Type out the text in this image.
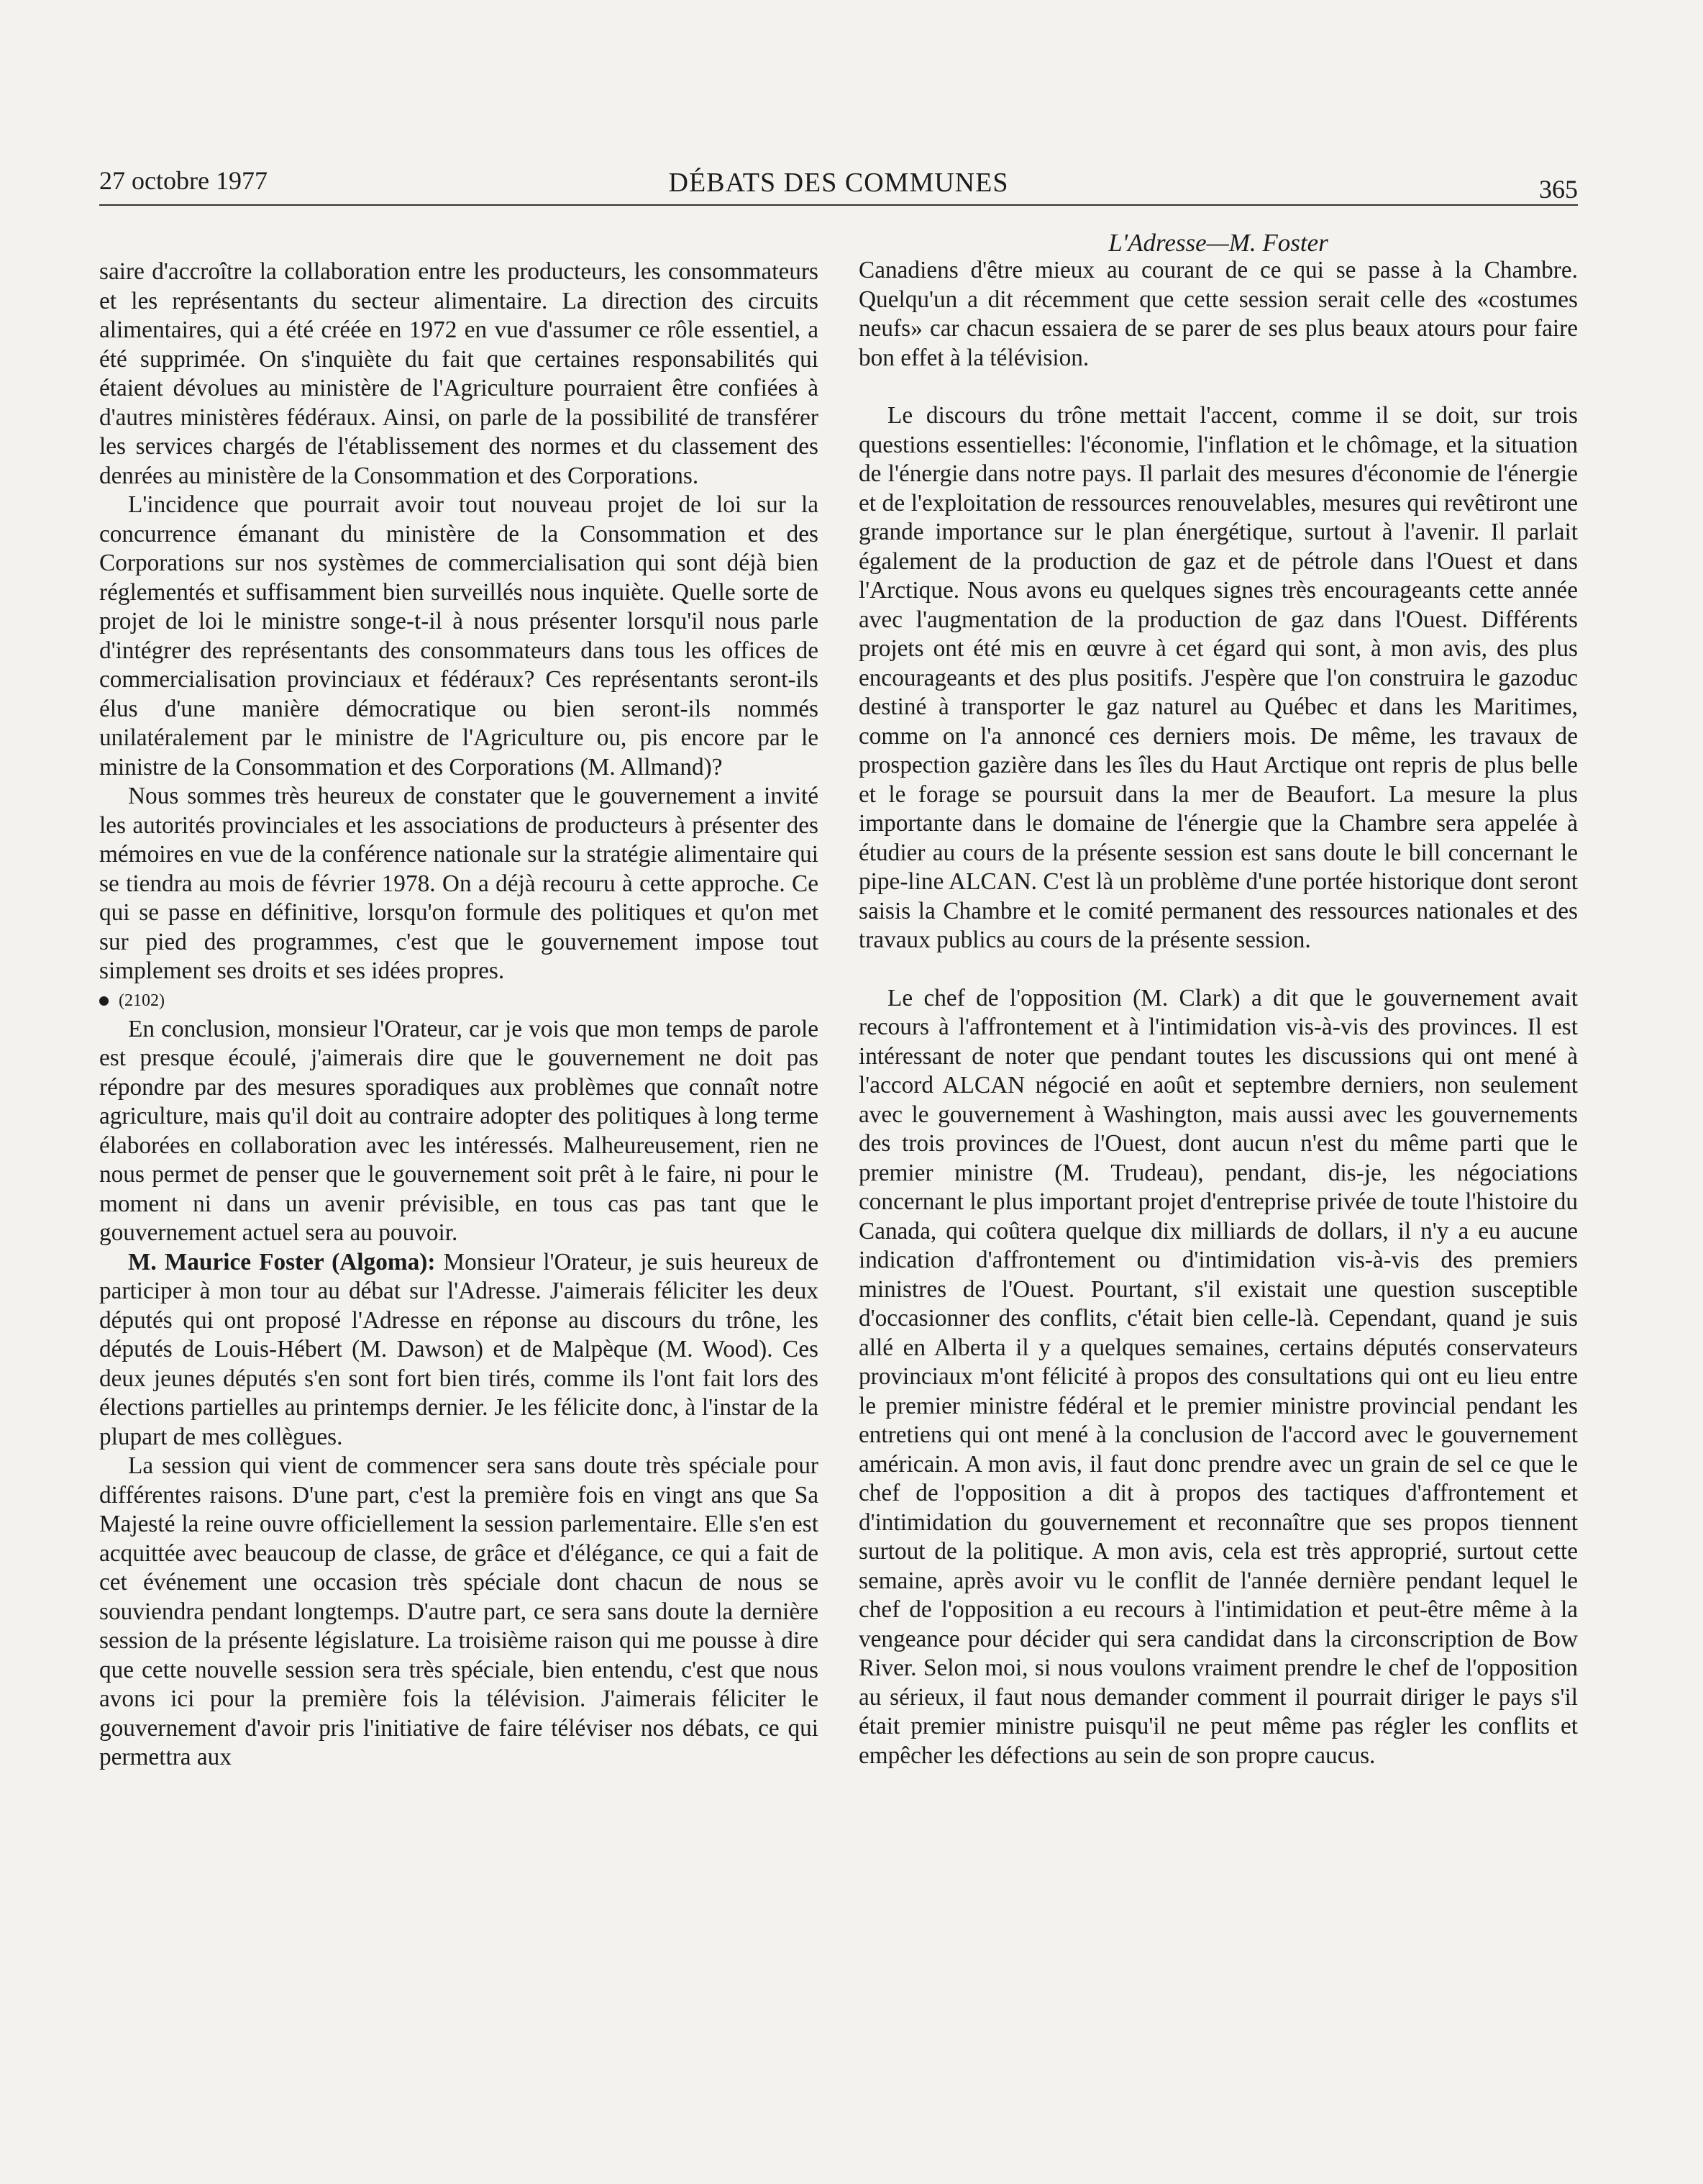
27 octobre 1977	DÉBATS DES COMMUNES	365
L'Adresse—M. Foster

saire d'accroître la collaboration entre les producteurs, les consommateurs et les représentants du secteur alimentaire. La direction des circuits alimentaires, qui a été créée en 1972 en vue d'assumer ce rôle essentiel, a été supprimée. On s'inquiète du fait que certaines responsabilités qui étaient dévolues au ministère de l'Agriculture pourraient être confiées à d'autres ministères fédéraux. Ainsi, on parle de la possibilité de transférer les services chargés de l'établissement des normes et du classement des denrées au ministère de la Consommation et des Corporations.

L'incidence que pourrait avoir tout nouveau projet de loi sur la concurrence émanant du ministère de la Consommation et des Corporations sur nos systèmes de commercialisation qui sont déjà bien réglementés et suffisamment bien surveillés nous inquiète. Quelle sorte de projet de loi le ministre songe-t-il à nous présenter lorsqu'il nous parle d'intégrer des représentants des consommateurs dans tous les offices de commercialisation provinciaux et fédéraux? Ces représentants seront-ils élus d'une manière démocratique ou bien seront-ils nommés unilatéralement par le ministre de l'Agriculture ou, pis encore par le ministre de la Consommation et des Corporations (M. Allmand)?

Nous sommes très heureux de constater que le gouvernement a invité les autorités provinciales et les associations de producteurs à présenter des mémoires en vue de la conférence nationale sur la stratégie alimentaire qui se tiendra au mois de février 1978. On a déjà recouru à cette approche. Ce qui se passe en définitive, lorsqu'on formule des politiques et qu'on met sur pied des programmes, c'est que le gouvernement impose tout simplement ses droits et ses idées propres.

(2102)

En conclusion, monsieur l'Orateur, car je vois que mon temps de parole est presque écoulé, j'aimerais dire que le gouvernement ne doit pas répondre par des mesures sporadiques aux problèmes que connaît notre agriculture, mais qu'il doit au contraire adopter des politiques à long terme élaborées en collaboration avec les intéressés. Malheureusement, rien ne nous permet de penser que le gouvernement soit prêt à le faire, ni pour le moment ni dans un avenir prévisible, en tous cas pas tant que le gouvernement actuel sera au pouvoir.

M. Maurice Foster (Algoma): Monsieur l'Orateur, je suis heureux de participer à mon tour au débat sur l'Adresse. J'aimerais féliciter les deux députés qui ont proposé l'Adresse en réponse au discours du trône, les députés de Louis-Hébert (M. Dawson) et de Malpèque (M. Wood). Ces deux jeunes députés s'en sont fort bien tirés, comme ils l'ont fait lors des élections partielles au printemps dernier. Je les félicite donc, à l'instar de la plupart de mes collègues.

La session qui vient de commencer sera sans doute très spéciale pour différentes raisons. D'une part, c'est la première fois en vingt ans que Sa Majesté la reine ouvre officiellement la session parlementaire. Elle s'en est acquittée avec beaucoup de classe, de grâce et d'élégance, ce qui a fait de cet événement une occasion très spéciale dont chacun de nous se souviendra pendant longtemps. D'autre part, ce sera sans doute la dernière session de la présente législature. La troisième raison qui me pousse à dire que cette nouvelle session sera très spéciale, bien entendu, c'est que nous avons ici pour la première fois la télévision. J'aimerais féliciter le gouvernement d'avoir pris l'initiative de faire téléviser nos débats, ce qui permettra aux

Canadiens d'être mieux au courant de ce qui se passe à la Chambre. Quelqu'un a dit récemment que cette session serait celle des «costumes neufs» car chacun essaiera de se parer de ses plus beaux atours pour faire bon effet à la télévision.

Le discours du trône mettait l'accent, comme il se doit, sur trois questions essentielles: l'économie, l'inflation et le chômage, et la situation de l'énergie dans notre pays. Il parlait des mesures d'économie de l'énergie et de l'exploitation de ressources renouvelables, mesures qui revêtiront une grande importance sur le plan énergétique, surtout à l'avenir. Il parlait également de la production de gaz et de pétrole dans l'Ouest et dans l'Arctique. Nous avons eu quelques signes très encourageants cette année avec l'augmentation de la production de gaz dans l'Ouest. Différents projets ont été mis en œuvre à cet égard qui sont, à mon avis, des plus encourageants et des plus positifs. J'espère que l'on construira le gazoduc destiné à transporter le gaz naturel au Québec et dans les Maritimes, comme on l'a annoncé ces derniers mois. De même, les travaux de prospection gazière dans les îles du Haut Arctique ont repris de plus belle et le forage se poursuit dans la mer de Beaufort. La mesure la plus importante dans le domaine de l'énergie que la Chambre sera appelée à étudier au cours de la présente session est sans doute le bill concernant le pipe-line ALCAN. C'est là un problème d'une portée historique dont seront saisis la Chambre et le comité permanent des ressources nationales et des travaux publics au cours de la présente session.

Le chef de l'opposition (M. Clark) a dit que le gouvernement avait recours à l'affrontement et à l'intimidation vis-à-vis des provinces. Il est intéressant de noter que pendant toutes les discussions qui ont mené à l'accord ALCAN négocié en août et septembre derniers, non seulement avec le gouvernement à Washington, mais aussi avec les gouvernements des trois provinces de l'Ouest, dont aucun n'est du même parti que le premier ministre (M. Trudeau), pendant, dis-je, les négociations concernant le plus important projet d'entreprise privée de toute l'histoire du Canada, qui coûtera quelque dix milliards de dollars, il n'y a eu aucune indication d'affrontement ou d'intimidation vis-à-vis des premiers ministres de l'Ouest. Pourtant, s'il existait une question susceptible d'occasionner des conflits, c'était bien celle-là. Cependant, quand je suis allé en Alberta il y a quelques semaines, certains députés conservateurs provinciaux m'ont félicité à propos des consultations qui ont eu lieu entre le premier ministre fédéral et le premier ministre provincial pendant les entretiens qui ont mené à la conclusion de l'accord avec le gouvernement américain. A mon avis, il faut donc prendre avec un grain de sel ce que le chef de l'opposition a dit à propos des tactiques d'affrontement et d'intimidation du gouvernement et reconnaître que ses propos tiennent surtout de la politique. A mon avis, cela est très approprié, surtout cette semaine, après avoir vu le conflit de l'année dernière pendant lequel le chef de l'opposition a eu recours à l'intimidation et peut-être même à la vengeance pour décider qui sera candidat dans la circonscription de Bow River. Selon moi, si nous voulons vraiment prendre le chef de l'opposition au sérieux, il faut nous demander comment il pourrait diriger le pays s'il était premier ministre puisqu'il ne peut même pas régler les conflits et empêcher les défections au sein de son propre caucus.
